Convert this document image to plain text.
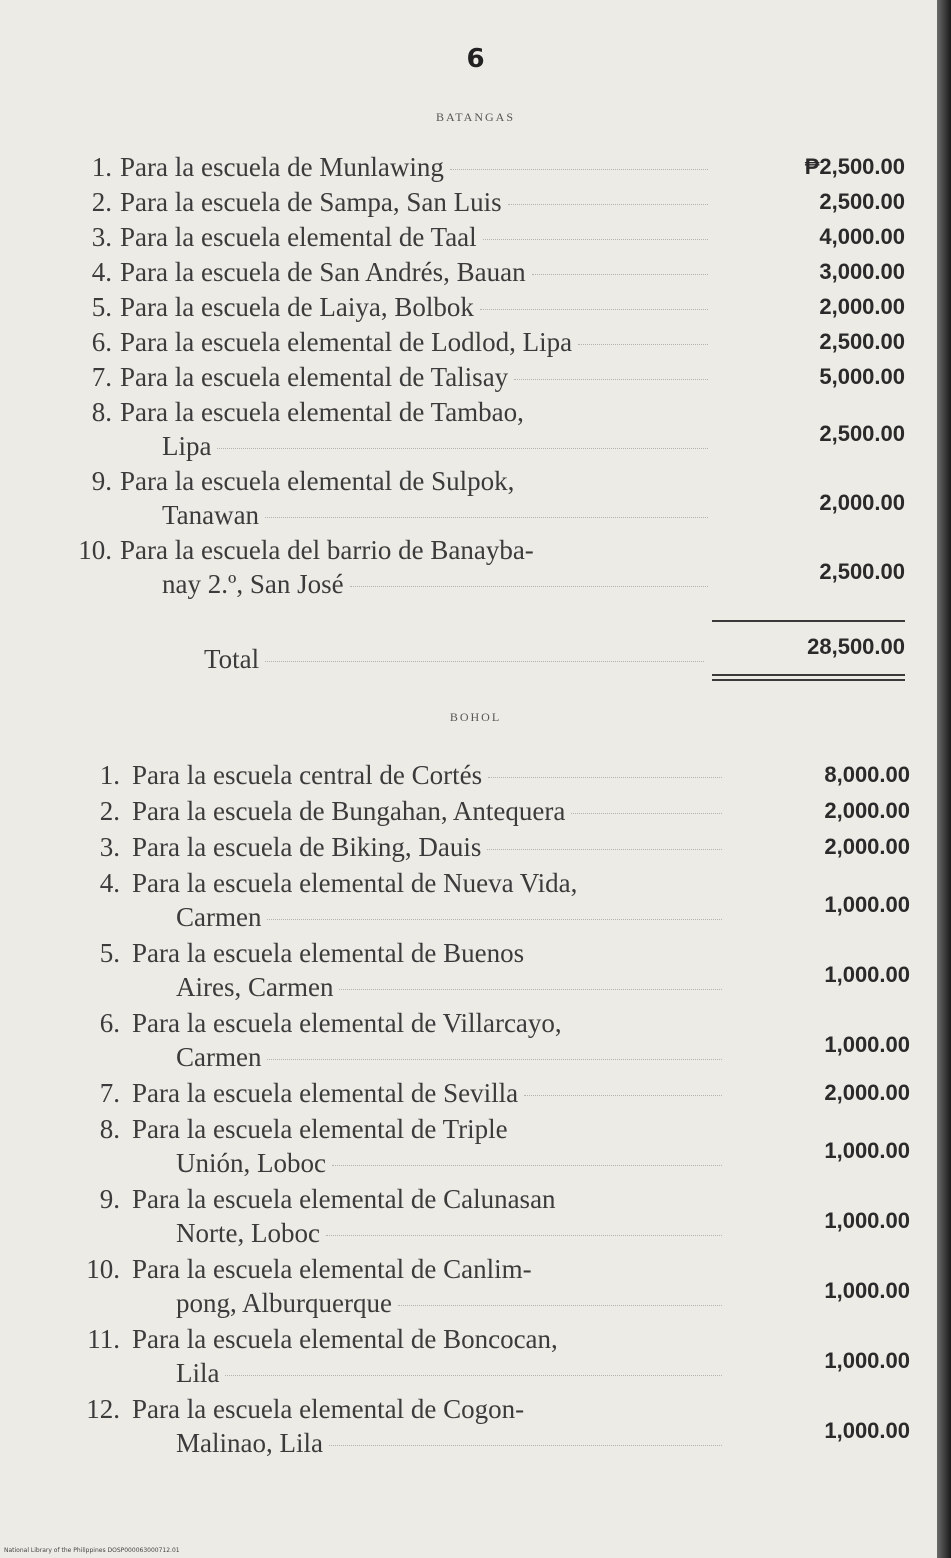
6
BATANGAS
1. Para la escuela de Munlawing	₱2,500.00
2. Para la escuela de Sampa, San Luis	2,500.00
3. Para la escuela elemental de Taal	4,000.00
4. Para la escuela de San Andrés, Bauan	3,000.00
5. Para la escuela de Laiya, Bolbok	2,000.00
6. Para la escuela elemental de Lodlod, Lipa	2,500.00
7. Para la escuela elemental de Talisay	5,000.00
8. Para la escuela elemental de Tambao,
Lipa	2,500.00
9. Para la escuela elemental de Sulpok,
Tanawan	2,000.00
10. Para la escuela del barrio de Banayba-
nay 2.º, San José	2,500.00
Total	28,500.00
BOHOL
1. Para la escuela central de Cortés	8,000.00
2. Para la escuela de Bungahan, Antequera	2,000.00
3. Para la escuela de Biking, Dauis	2,000.00
4. Para la escuela elemental de Nueva Vida,
Carmen	1,000.00
5. Para la escuela elemental de Buenos
Aires, Carmen	1,000.00
6. Para la escuela elemental de Villarcayo,
Carmen	1,000.00
7. Para la escuela elemental de Sevilla	2,000.00
8. Para la escuela elemental de Triple
Unión, Loboc	1,000.00
9. Para la escuela elemental de Calunasan
Norte, Loboc	1,000.00
10. Para la escuela elemental de Canlim-
pong, Alburquerque	1,000.00
11. Para la escuela elemental de Boncocan,
Lila	1,000.00
12. Para la escuela elemental de Cogon-
Malinao, Lila	1,000.00
National Library of the Philippines DOSP000063000712.01
